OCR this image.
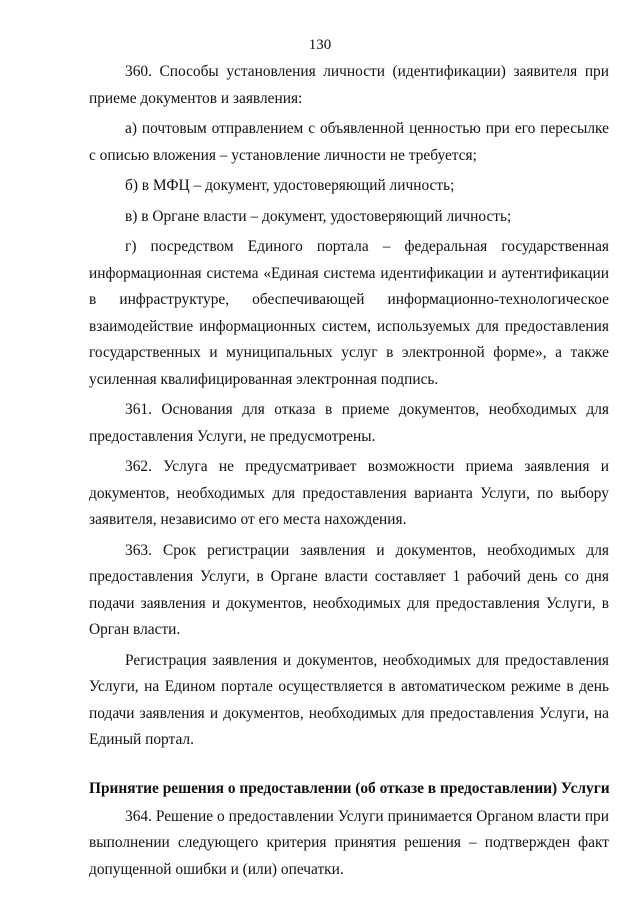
130

360. Способы установления личности (идентификации) заявителя при приеме документов и заявления:

а) почтовым отправлением с объявленной ценностью при его пересылке с описью вложения – установление личности не требуется;

б) в МФЦ – документ, удостоверяющий личность;

в) в Органе власти – документ, удостоверяющий личность;

г) посредством Единого портала – федеральная государственная информационная система «Единая система идентификации и аутентификации в инфраструктуре, обеспечивающей информационно-технологическое взаимодействие информационных систем, используемых для предоставления государственных и муниципальных услуг в электронной форме», а также усиленная квалифицированная электронная подпись.

361. Основания для отказа в приеме документов, необходимых для предоставления Услуги, не предусмотрены.

362. Услуга не предусматривает возможности приема заявления и документов, необходимых для предоставления варианта Услуги, по выбору заявителя, независимо от его места нахождения.

363. Срок регистрации заявления и документов, необходимых для предоставления Услуги, в Органе власти составляет 1 рабочий день со дня подачи заявления и документов, необходимых для предоставления Услуги, в Орган власти.

Регистрация заявления и документов, необходимых для предоставления Услуги, на Едином портале осуществляется в автоматическом режиме в день подачи заявления и документов, необходимых для предоставления Услуги, на Единый портал.

Принятие решения о предоставлении (об отказе в предоставлении) Услуги

364. Решение о предоставлении Услуги принимается Органом власти при выполнении следующего критерия принятия решения – подтвержден факт допущенной ошибки и (или) опечатки.
